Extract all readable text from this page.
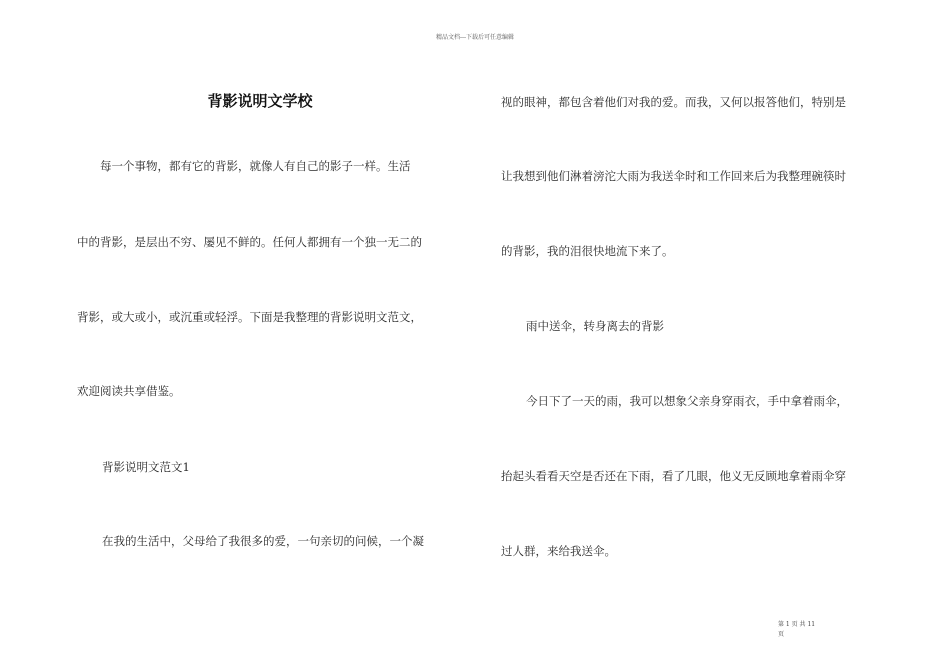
精品文档---下载后可任意编辑
背影说明文学校
每一个事物，都有它的背影，就像人有自己的影子一样。生活
中的背影，是层出不穷、屡见不鲜的。任何人都拥有一个独一无二的
背影，或大或小，或沉重或轻浮。下面是我整理的背影说明文范文，
欢迎阅读共享借鉴。
背影说明文范文1
在我的生活中，父母给了我很多的爱，一句亲切的问候，一个凝
视的眼神，都包含着他们对我的爱。而我，又何以报答他们，特别是
让我想到他们淋着滂沱大雨为我送伞时和工作回来后为我整理碗筷时
的背影，我的泪很快地流下来了。
雨中送伞，转身离去的背影
今日下了一天的雨，我可以想象父亲身穿雨衣，手中拿着雨伞，
抬起头看看天空是否还在下雨，看了几眼，他义无反顾地拿着雨伞穿
过人群，来给我送伞。
第 1 页 共 11
页
